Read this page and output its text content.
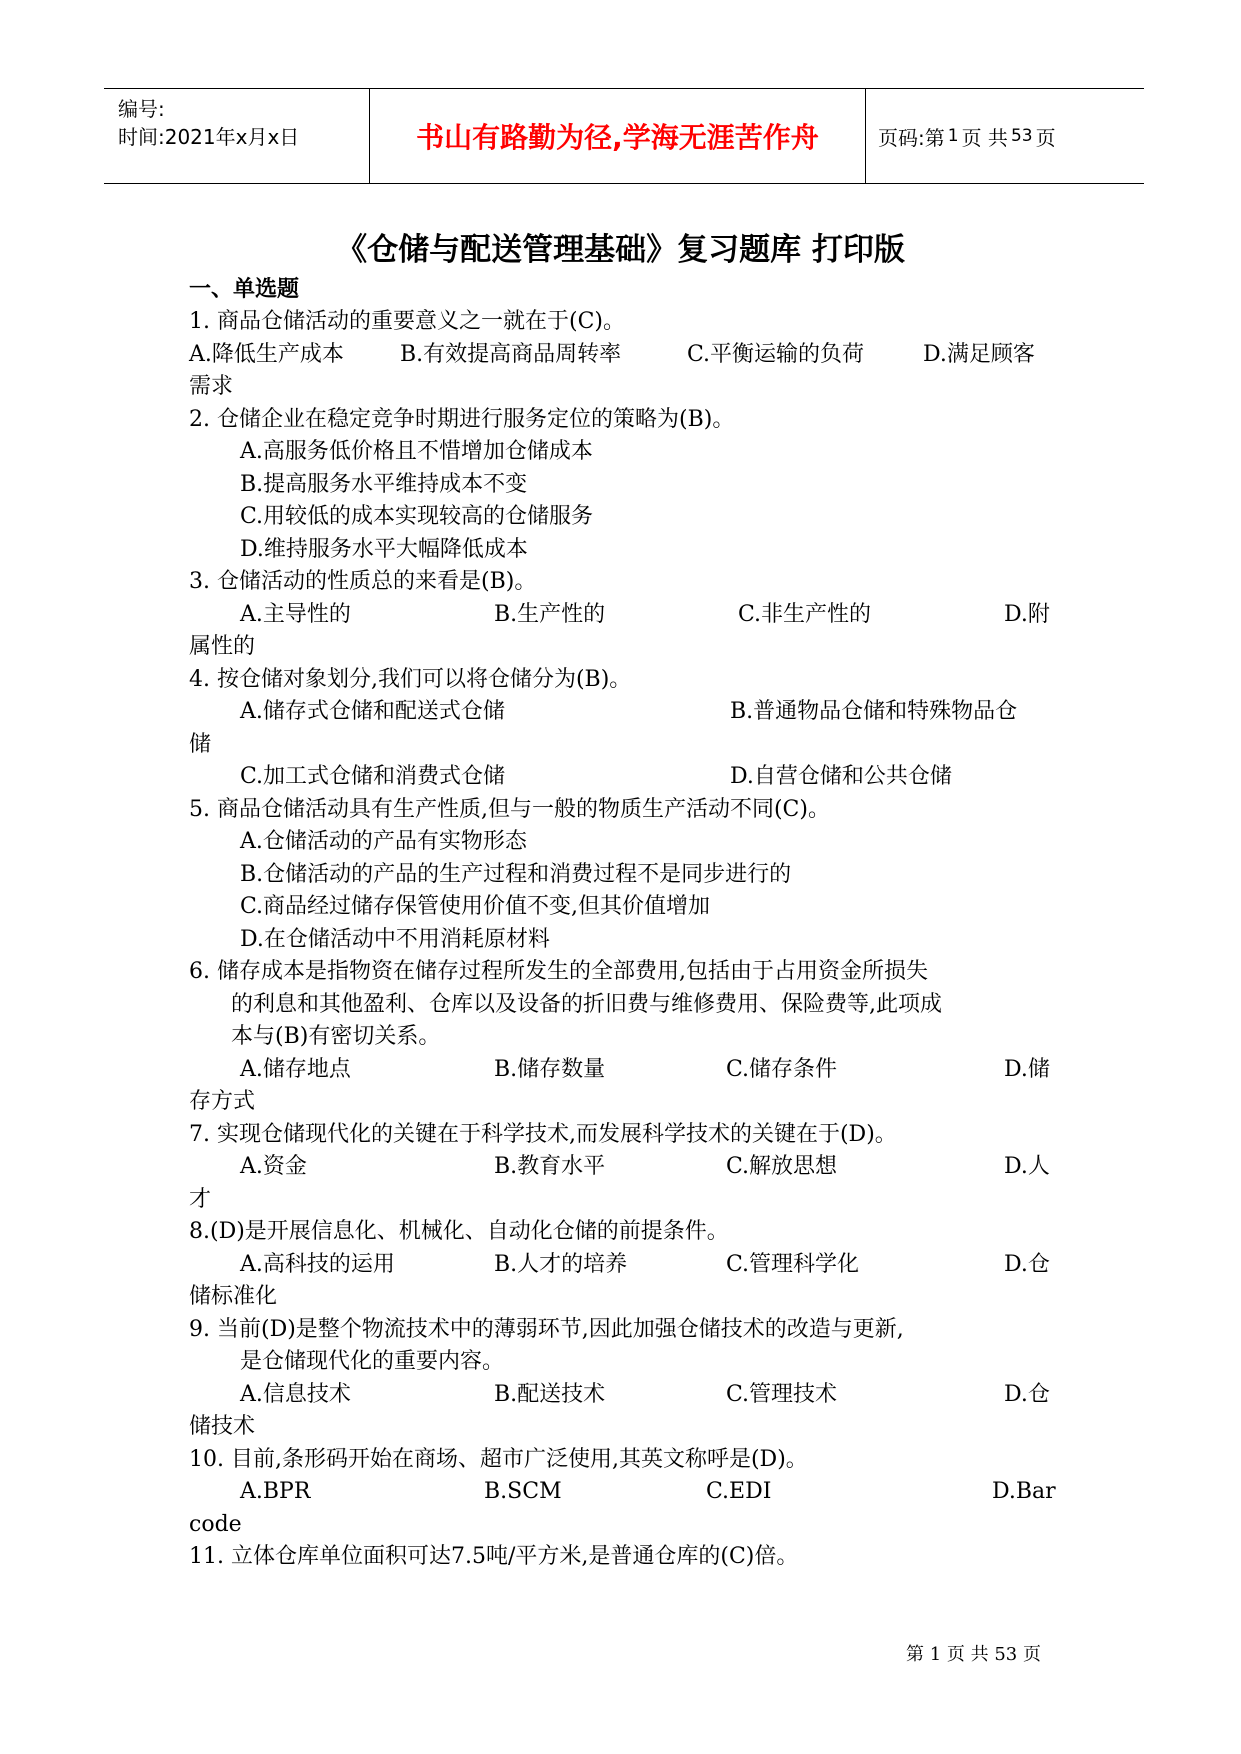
编号:
时间:2021年x月x日	书山有路勤为径,学海无涯苦作舟	页码:第 1 页 共 53 页
《仓储与配送管理基础》复习题库 打印版
一、单选题
1. 商品仓储活动的重要意义之一就在于(C)。
A.降低生产成本	B.有效提高商品周转率	C.平衡运输的负荷	D.满足顾客
需求
2. 仓储企业在稳定竞争时期进行服务定位的策略为(B)。
A.高服务低价格且不惜增加仓储成本
B.提高服务水平维持成本不变
C.用较低的成本实现较高的仓储服务
D.维持服务水平大幅降低成本
3. 仓储活动的性质总的来看是(B)。
A.主导性的	B.生产性的	C.非生产性的	D.附
属性的
4. 按仓储对象划分,我们可以将仓储分为(B)。
A.储存式仓储和配送式仓储	B.普通物品仓储和特殊物品仓
储
C.加工式仓储和消费式仓储	D.自营仓储和公共仓储
5. 商品仓储活动具有生产性质,但与一般的物质生产活动不同(C)。
A.仓储活动的产品有实物形态
B.仓储活动的产品的生产过程和消费过程不是同步进行的
C.商品经过储存保管使用价值不变,但其价值增加
D.在仓储活动中不用消耗原材料
6. 储存成本是指物资在储存过程所发生的全部费用,包括由于占用资金所损失
的利息和其他盈利、仓库以及设备的折旧费与维修费用、保险费等,此项成
本与(B)有密切关系。
A.储存地点	B.储存数量	C.储存条件	D.储
存方式
7. 实现仓储现代化的关键在于科学技术,而发展科学技术的关键在于(D)。
A.资金	B.教育水平	C.解放思想	D.人
才
8.(D)是开展信息化、机械化、自动化仓储的前提条件。
A.高科技的运用	B.人才的培养	C.管理科学化	D.仓
储标准化
9. 当前(D)是整个物流技术中的薄弱环节,因此加强仓储技术的改造与更新,
是仓储现代化的重要内容。
A.信息技术	B.配送技术	C.管理技术	D.仓
储技术
10. 目前,条形码开始在商场、超市广泛使用,其英文称呼是(D)。
A.BPR	B.SCM	C.EDI	D.Bar
code
11. 立体仓库单位面积可达7.5吨/平方米,是普通仓库的(C)倍。
第 1 页 共 53 页
